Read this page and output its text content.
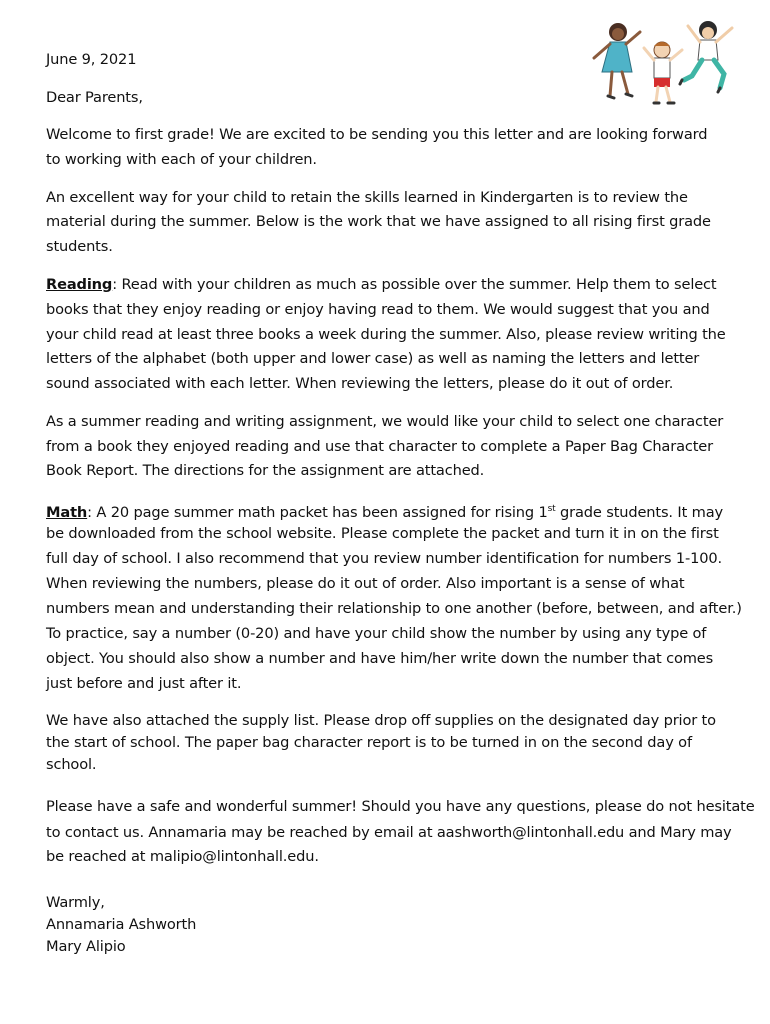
June 9, 2021
Dear Parents,
Welcome to first grade! We are excited to be sending you this letter and are looking forward
to working with each of your children.
An excellent way for your child to retain the skills learned in Kindergarten is to review the
material during the summer. Below is the work that we have assigned to all rising first grade
students.
Reading: Read with your children as much as possible over the summer. Help them to select
books that they enjoy reading or enjoy having read to them. We would suggest that you and
your child read at least three books a week during the summer. Also, please review writing the
letters of the alphabet (both upper and lower case) as well as naming the letters and letter
sound associated with each letter. When reviewing the letters, please do it out of order.
As a summer reading and writing assignment, we would like your child to select one character
from a book they enjoyed reading and use that character to complete a Paper Bag Character
Book Report. The directions for the assignment are attached.
Math: A 20 page summer math packet has been assigned for rising 1st grade students. It may
be downloaded from the school website. Please complete the packet and turn it in on the first
full day of school. I also recommend that you review number identification for numbers 1-100.
When reviewing the numbers, please do it out of order. Also important is a sense of what
numbers mean and understanding their relationship to one another (before, between, and after.)
To practice, say a number (0-20) and have your child show the number by using any type of
object. You should also show a number and have him/her write down the number that comes
just before and just after it.
We have also attached the supply list. Please drop off supplies on the designated day prior to
the start of school. The paper bag character report is to be turned in on the second day of
school.
Please have a safe and wonderful summer! Should you have any questions, please do not hesitate
to contact us. Annamaria may be reached by email at aashworth@lintonhall.edu and Mary may
be reached at malipio@lintonhall.edu.
Warmly,
Annamaria Ashworth
Mary Alipio
